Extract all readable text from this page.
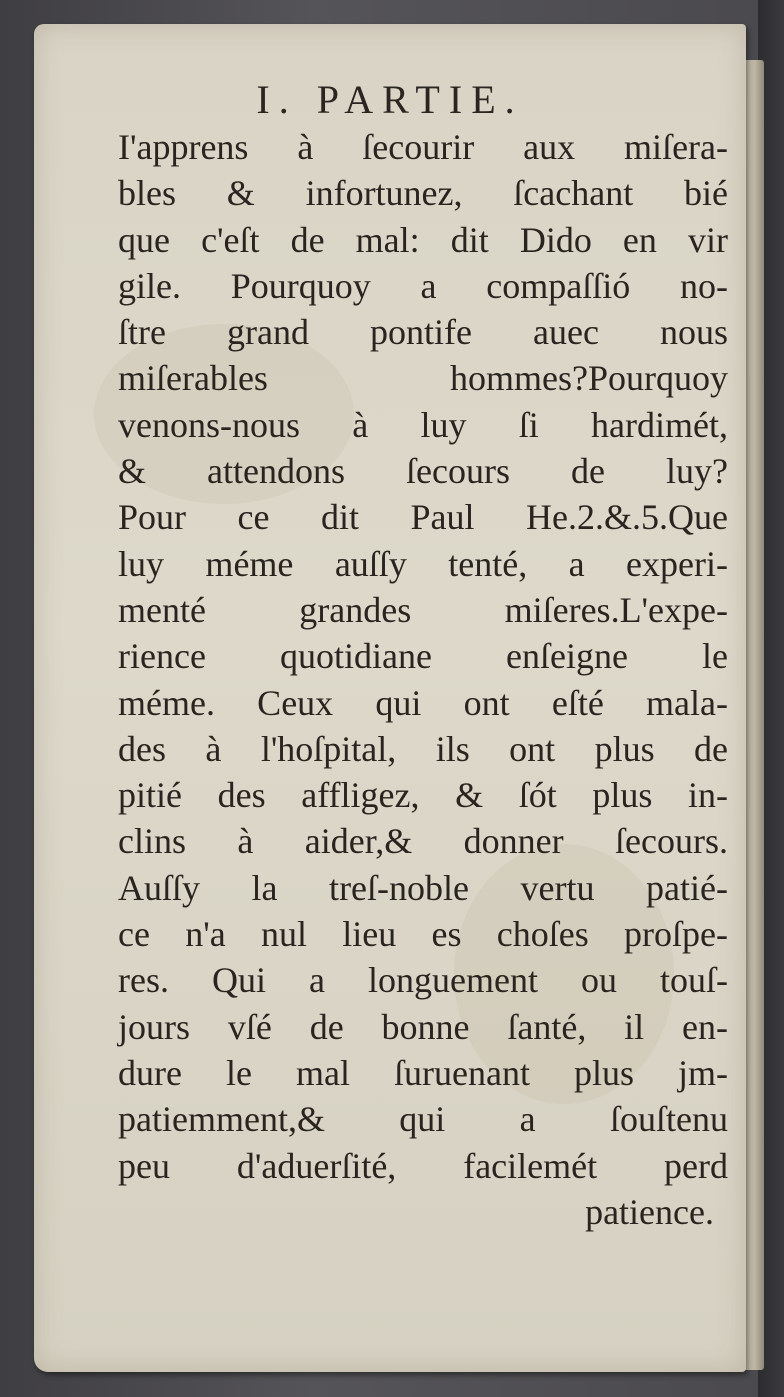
I. PARTIE.
I'apprens à ſecourir aux miſera-
bles & infortunez, ſcachant bié
que c'eſt de mal: dit Dido en vir
gile. Pourquoy a compaſſió no-
ſtre grand pontife auec nous
miſerables hommes?Pourquoy
venons-nous à luy ſi hardimét,
& attendons ſecours de luy?
Pour ce dit Paul He.2.&.5.Que
luy méme auſſy tenté, a experi-
menté grandes miſeres.L'expe-
rience quotidiane enſeigne le
méme. Ceux qui ont eſté mala-
des à l'hoſpital, ils ont plus de
pitié des affligez, & ſót plus in-
clins à aider,& donner ſecours.
Auſſy la treſ-noble vertu patié-
ce n'a nul lieu es choſes proſpe-
res. Qui a longuement ou touſ-
jours vſé de bonne ſanté, il en-
dure le mal ſuruenant plus jm-
patiemment,& qui a ſouſtenu
peu d'aduerſité, facilemét perd
patience.
